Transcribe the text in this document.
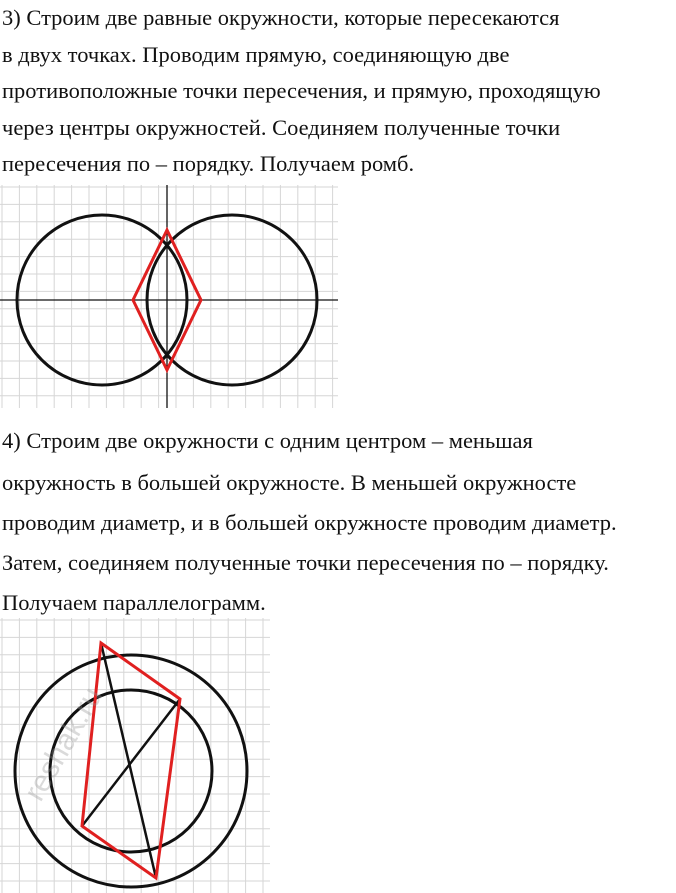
3) Строим две равные окружности, которые пересекаются
в двух точках. Проводим прямую, соединяющую две
противоположные точки пересечения, и прямую, проходящую
через центры окружностей. Соединяем полученные точки
пересечения по – порядку. Получаем ромб.
4) Строим две окружности с одним центром – меньшая
окружность в большей окружносте. В меньшей окружносте
проводим диаметр, и в большей окружносте проводим диаметр.
Затем, соединяем полученные точки пересечения по – порядку.
Получаем параллелограмм.
reshak.ru
